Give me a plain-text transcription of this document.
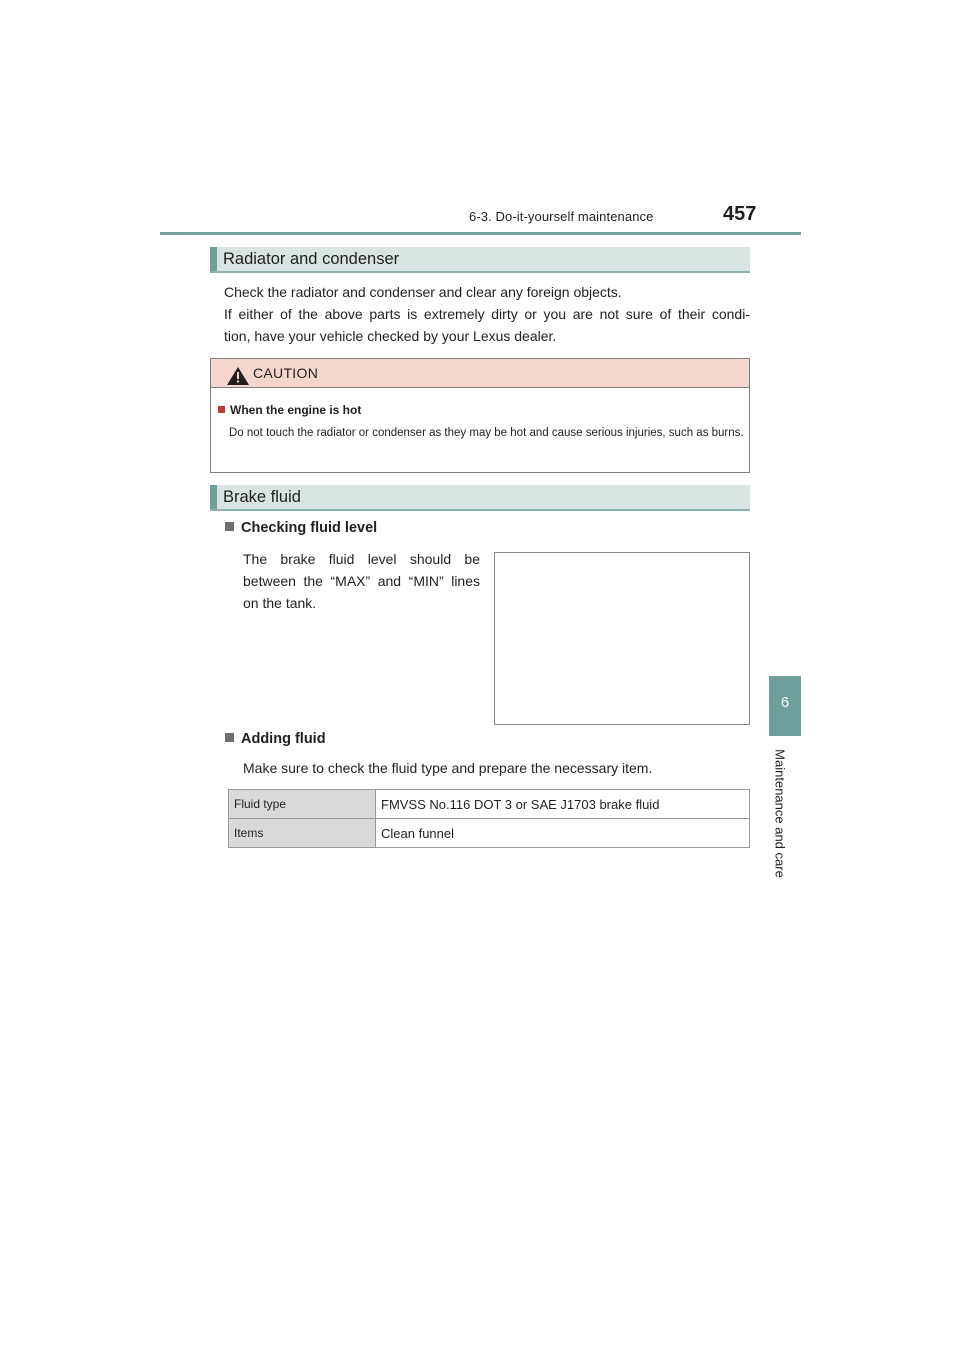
6-3. Do-it-yourself maintenance	457
6
Maintenance and care
Radiator and condenser
Check the radiator and condenser and clear any foreign objects.
If either of the above parts is extremely dirty or you are not sure of their condi-
tion, have your vehicle checked by your Lexus dealer.
CAUTION
When the engine is hot
Do not touch the radiator or condenser as they may be hot and cause serious injuries, such as burns.
Brake fluid
Checking fluid level
The brake fluid level should be
between the “MAX” and “MIN” lines
on the tank.
Adding fluid
Make sure to check the fluid type and prepare the necessary item.
Fluid type	FMVSS No.116 DOT 3 or SAE J1703 brake fluid
Items	Clean funnel
